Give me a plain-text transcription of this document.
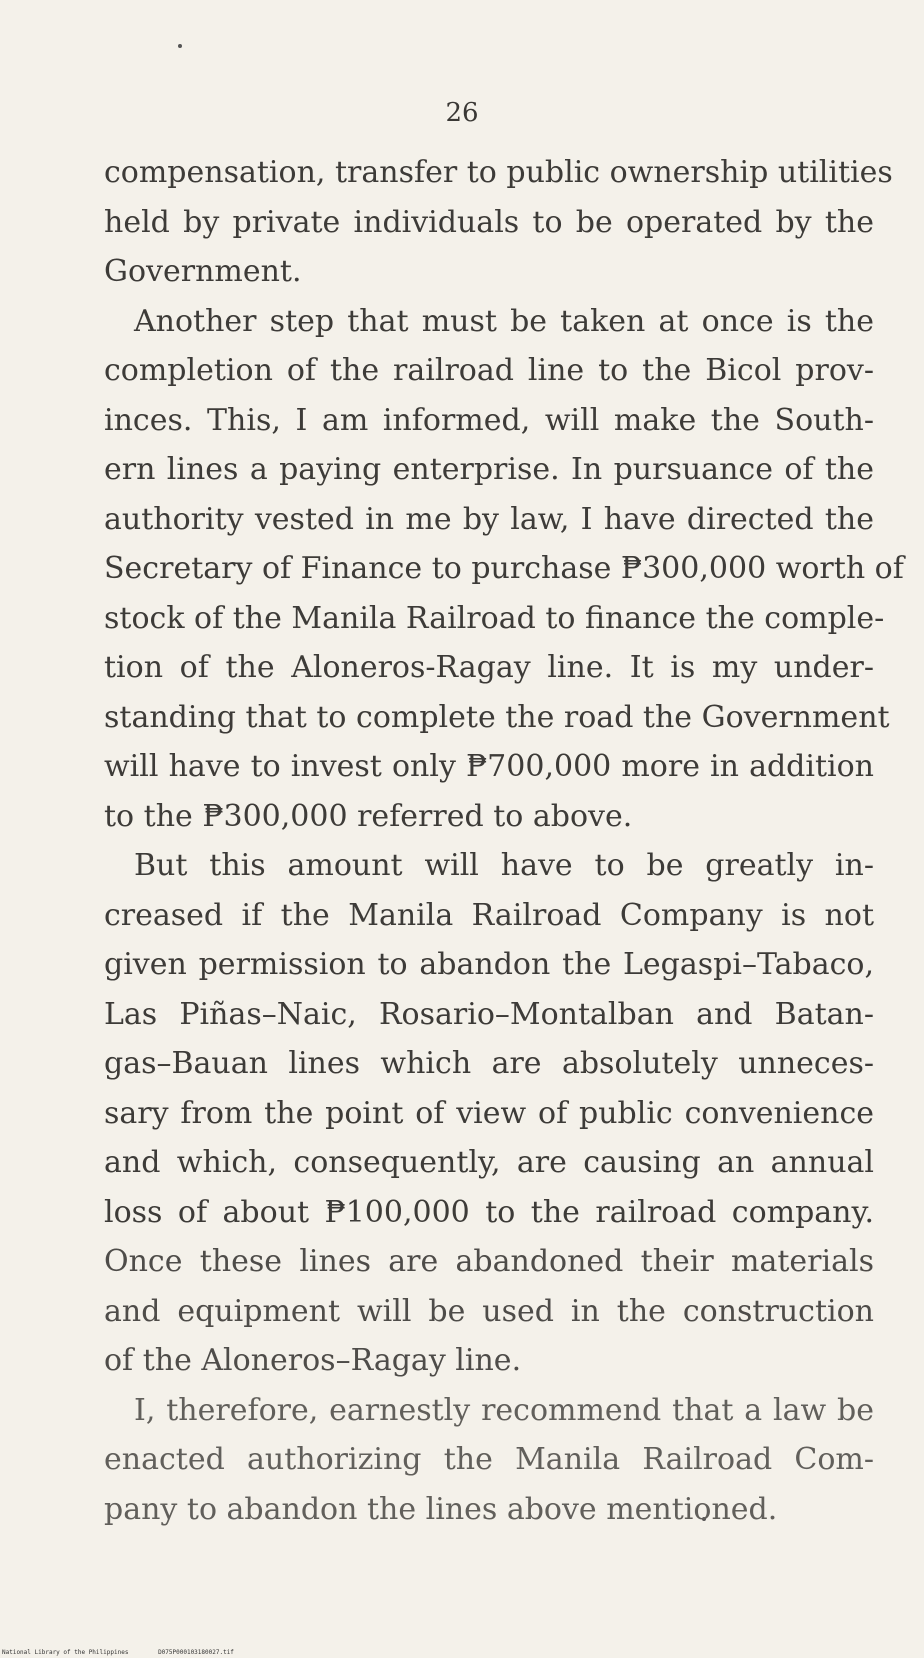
26

compensation, transfer to public ownership utilities
held by private individuals to be operated by the
Government.

Another step that must be taken at once is the
completion of the railroad line to the Bicol prov-
inces. This, I am informed, will make the South-
ern lines a paying enterprise. In pursuance of the
authority vested in me by law, I have directed the
Secretary of Finance to purchase ₱300,000 worth of
stock of the Manila Railroad to finance the comple-
tion of the Aloneros-Ragay line. It is my under-
standing that to complete the road the Government
will have to invest only ₱700,000 more in addition
to the ₱300,000 referred to above.

But this amount will have to be greatly in-
creased if the Manila Railroad Company is not
given permission to abandon the Legaspi–Tabaco,
Las Piñas–Naic, Rosario–Montalban and Batan-
gas–Bauan lines which are absolutely unneces-
sary from the point of view of public convenience
and which, consequently, are causing an annual
loss of about ₱100,000 to the railroad company.
Once these lines are abandoned their materials
and equipment will be used in the construction
of the Aloneros–Ragay line.

I, therefore, earnestly recommend that a law be
enacted authorizing the Manila Railroad Com-
pany to abandon the lines above mentioned.

National Library of the Philippines	D075P000103180027.tif
